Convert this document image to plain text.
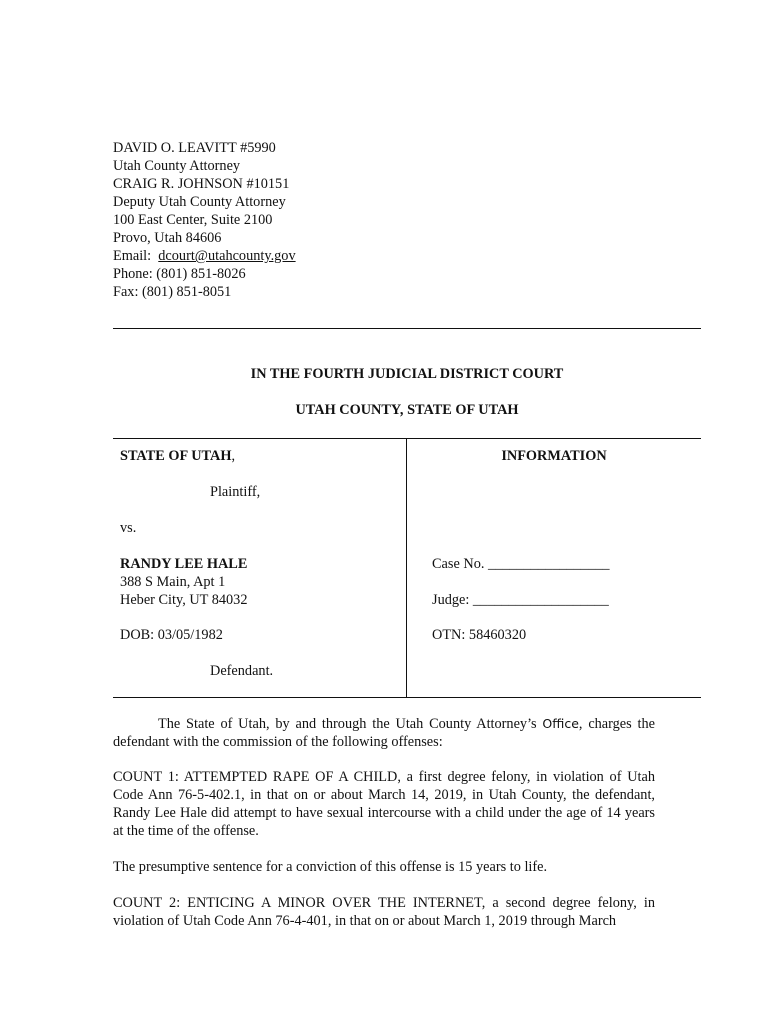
DAVID O. LEAVITT #5990
Utah County Attorney
CRAIG R. JOHNSON #10151
Deputy Utah County Attorney
100 East Center, Suite 2100
Provo, Utah 84606
Email: dcourt@utahcounty.gov
Phone: (801) 851-8026
Fax: (801) 851-8051
IN THE FOURTH JUDICIAL DISTRICT COURT
UTAH COUNTY, STATE OF UTAH
STATE OF UTAH,
Plaintiff,
vs.
RANDY LEE HALE
388 S Main, Apt 1
Heber City, UT 84032
DOB: 03/05/1982
Defendant.
INFORMATION
Case No. _________________
Judge: ___________________
OTN: 58460320

The State of Utah, by and through the Utah County Attorney’s Office, charges the defendant with the commission of the following offenses:

COUNT 1: ATTEMPTED RAPE OF A CHILD, a first degree felony, in violation of Utah Code Ann 76-5-402.1, in that on or about March 14, 2019, in Utah County, the defendant, Randy Lee Hale did attempt to have sexual intercourse with a child under the age of 14 years at the time of the offense.

The presumptive sentence for a conviction of this offense is 15 years to life.

COUNT 2: ENTICING A MINOR OVER THE INTERNET, a second degree felony, in violation of Utah Code Ann 76-4-401, in that on or about March 1, 2019 through March
